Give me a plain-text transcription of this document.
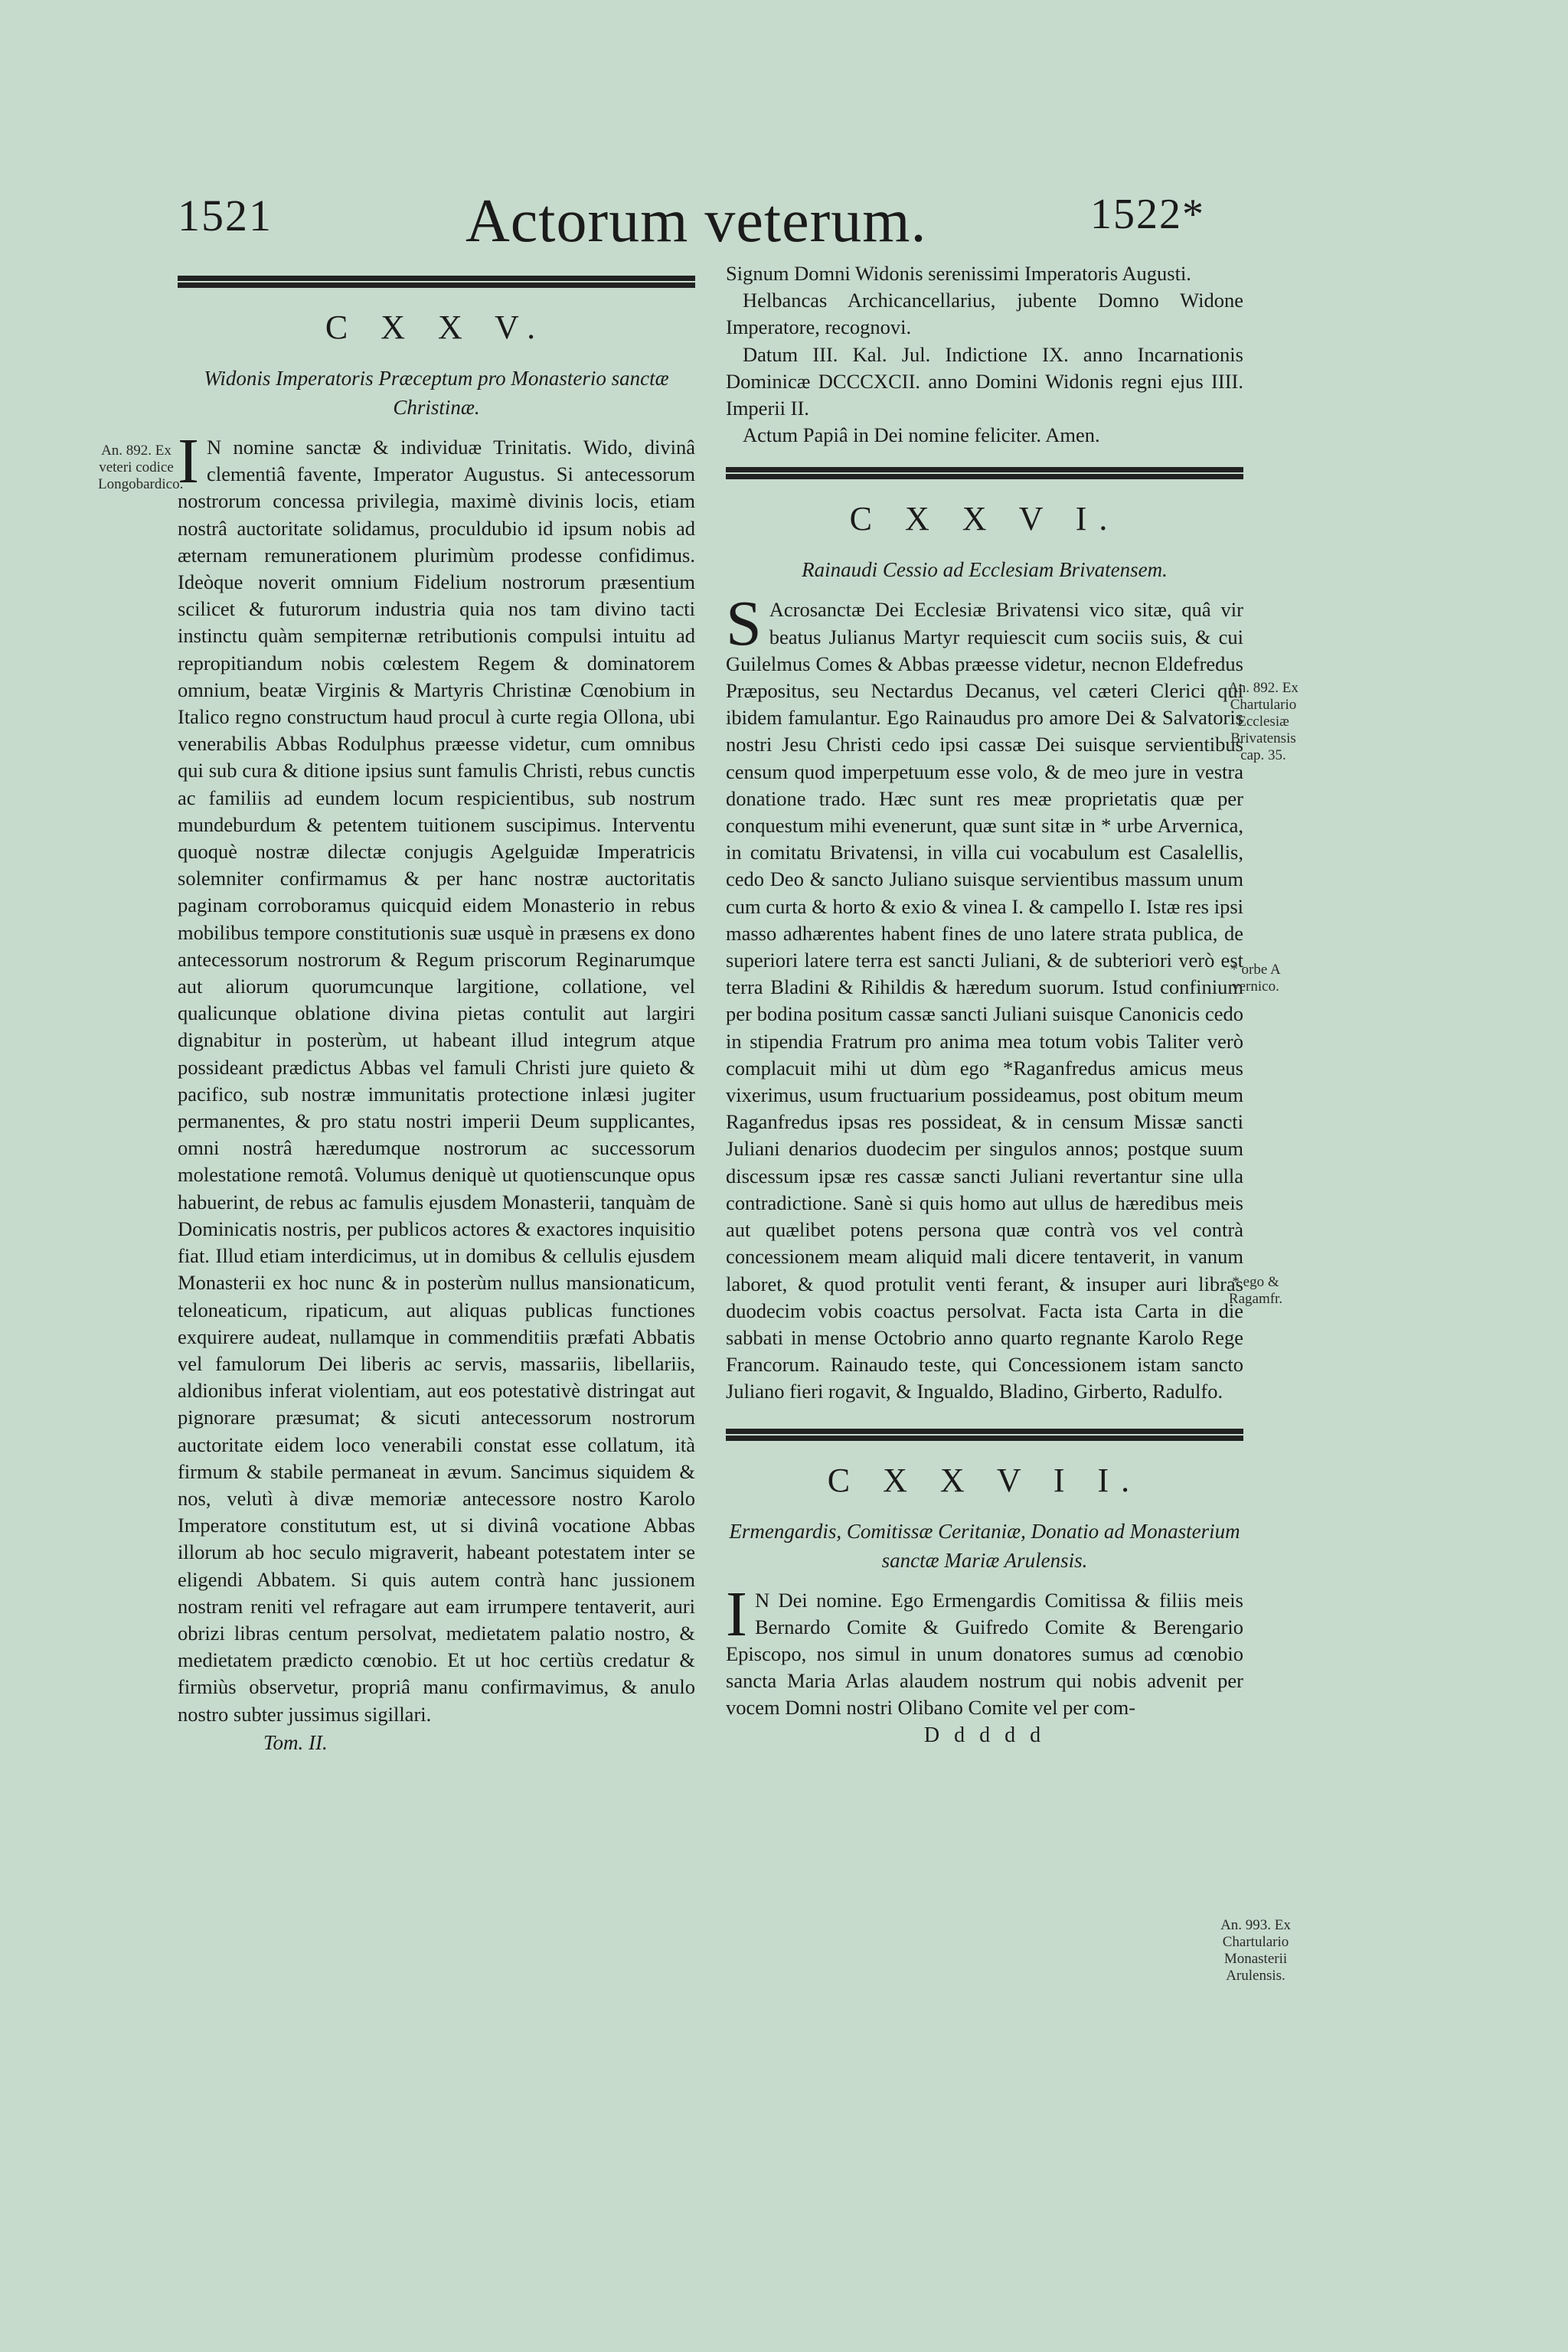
1521	Actorum veterum.	1522*
C X X V.
Widonis Imperatoris Præceptum pro Monasterio sanctæ Christinæ.
I N nomine sanctæ & individuæ Trinitatis. Wido, divinâ clementiâ favente, Imperator Augustus. Si antecessorum nostrorum concessa privilegia, maximè divinis locis, etiam nostrâ auctoritate solidamus, proculdubio id ipsum nobis ad æternam remunerationem plurimùm prodesse confidimus. Ideòque noverit omnium Fidelium nostrorum præsentium scilicet & futurorum industria quia nos tam divino tacti instinctu quàm sempiternæ retributionis compulsi intuitu ad repropitiandum nobis cœlestem Regem & dominatorem omnium, beatæ Virginis & Martyris Christinæ Cœnobium in Italico regno constructum haud procul à curte regia Ollona, ubi venerabilis Abbas Rodulphus præesse videtur, cum omnibus qui sub cura & ditione ipsius sunt famulis Christi, rebus cunctis ac familiis ad eundem locum respicientibus, sub nostrum mundeburdum & petentem tuitionem suscipimus. Interventu quoquè nostræ dilectæ conjugis Agelguidæ Imperatricis solemniter confirmamus & per hanc nostræ auctoritatis paginam corroboramus quicquid eidem Monasterio in rebus mobilibus tempore constitutionis suæ usquè in præsens ex dono antecessorum nostrorum & Regum priscorum Reginarumque aut aliorum quorumcunque largitione, collatione, vel qualicunque oblatione divina pietas contulit aut largiri dignabitur in posterùm, ut habeant illud integrum atque possideant prædictus Abbas vel famuli Christi jure quieto & pacifico, sub nostræ immunitatis protectione inlæsi jugiter permanentes, & pro statu nostri imperii Deum supplicantes, omni nostrâ hæredumque nostrorum ac successorum molestatione remotâ. Volumus deniquè ut quotienscunque opus habuerint, de rebus ac famulis ejusdem Monasterii, tanquàm de Dominicatis nostris, per publicos actores & exactores inquisitio fiat. Illud etiam interdicimus, ut in domibus & cellulis ejusdem Monasterii ex hoc nunc & in posterùm nullus mansionaticum, teloneaticum, ripaticum, aut aliquas publicas functiones exquirere audeat, nullamque in commenditiis præfati Abbatis vel famulorum Dei liberis ac servis, massariis, libellariis, aldionibus inferat violentiam, aut eos potestativè distringat aut pignorare præsumat; & sicuti antecessorum nostrorum auctoritate eidem loco venerabili constat esse collatum, ità firmum & stabile permaneat in ævum. Sancimus siquidem & nos, velutì à divæ memoriæ antecessore nostro Karolo Imperatore constitutum est, ut si divinâ vocatione Abbas illorum ab hoc seculo migraverit, habeant potestatem inter se eligendi Abbatem. Si quis autem contrà hanc jussionem nostram reniti vel refragare aut eam irrumpere tentaverit, auri obrizi libras centum persolvat, medietatem palatio nostro, & medietatem prædicto cœnobio. Et ut hoc certiùs credatur & firmiùs observetur, propriâ manu confirmavimus, & anulo nostro subter jussimus sigillari.
Tom. II.
An. 892. Ex veteri codice Longobardico.

Signum Domni Widonis serenissimi Imperatoris Augusti.

Helbancas Archicancellarius, jubente Domno Widone Imperatore, recognovi.

Datum III. Kal. Jul. Indictione IX. anno Incarnationis Dominicæ DCCCXCII. anno Domini Widonis regni ejus IIII. Imperii II.

Actum Papiâ in Dei nomine feliciter. Amen.

C X X V I.
Rainaudi Cessio ad Ecclesiam Brivatensem.
S Acrosanctæ Dei Ecclesiæ Brivatensi vico sitæ, quâ vir beatus Julianus Martyr requiescit cum sociis suis, & cui Guilelmus Comes & Abbas præesse videtur, necnon Eldefredus Præpositus, seu Nectardus Decanus, vel cæteri Clerici qui ibidem famulantur. Ego Rainaudus pro amore Dei & Salvatoris nostri Jesu Christi cedo ipsi cassæ Dei suisque servientibus censum quod imperpetuum esse volo, & de meo jure in vestra donatione trado. Hæc sunt res meæ proprietatis quæ per conquestum mihi evenerunt, quæ sunt sitæ in * urbe Arvernica, in comitatu Brivatensi, in villa cui vocabulum est Casalellis, cedo Deo & sancto Juliano suisque servientibus massum unum cum curta & horto & exio & vinea I. & campello I. Istæ res ipsi masso adhærentes habent fines de uno latere strata publica, de superiori latere terra est sancti Juliani, & de subteriori verò est terra Bladini & Rihildis & hæredum suorum. Istud confinium per bodina positum cassæ sancti Juliani suisque Canonicis cedo in stipendia Fratrum pro anima mea totum vobis Taliter verò complacuit mihi ut dùm ego *Raganfredus amicus meus vixerimus, usum fructuarium possideamus, post obitum meum Raganfredus ipsas res possideat, & in censum Missæ sancti Juliani denarios duodecim per singulos annos; postque suum discessum ipsæ res cassæ sancti Juliani revertantur sine ulla contradictione. Sanè si quis homo aut ullus de hæredibus meis aut quælibet potens persona quæ contrà vos vel contrà concessionem meam aliquid mali dicere tentaverit, in vanum laboret, & quod protulit venti ferant, & insuper auri libras duodecim vobis coactus persolvat. Facta ista Carta in die sabbati in mense Octobrio anno quarto regnante Karolo Rege Francorum. Rainaudo teste, qui Concessionem istam sancto Juliano fieri rogavit, & Ingualdo, Bladino, Girberto, Radulfo.
C X X V I I.
Ermengardis, Comitissæ Ceritaniæ, Donatio ad Monasterium sanctæ Mariæ Arulensis.
I N Dei nomine. Ego Ermengardis Comitissa & filiis meis Bernardo Comite & Guifredo Comite & Berengario Episcopo, nos simul in unum donatores sumus ad cœnobio sancta Maria Arlas alaudem nostrum qui nobis advenit per vocem Domni nostri Olibano Comite vel per com-
D d d d d
An. 892. Ex Chartulario Ecclesiæ Brivatensis cap. 35.
* orbe A vernico.
* ego & Ragamfr.
An. 993. Ex Chartulario Monasterii Arulensis.
